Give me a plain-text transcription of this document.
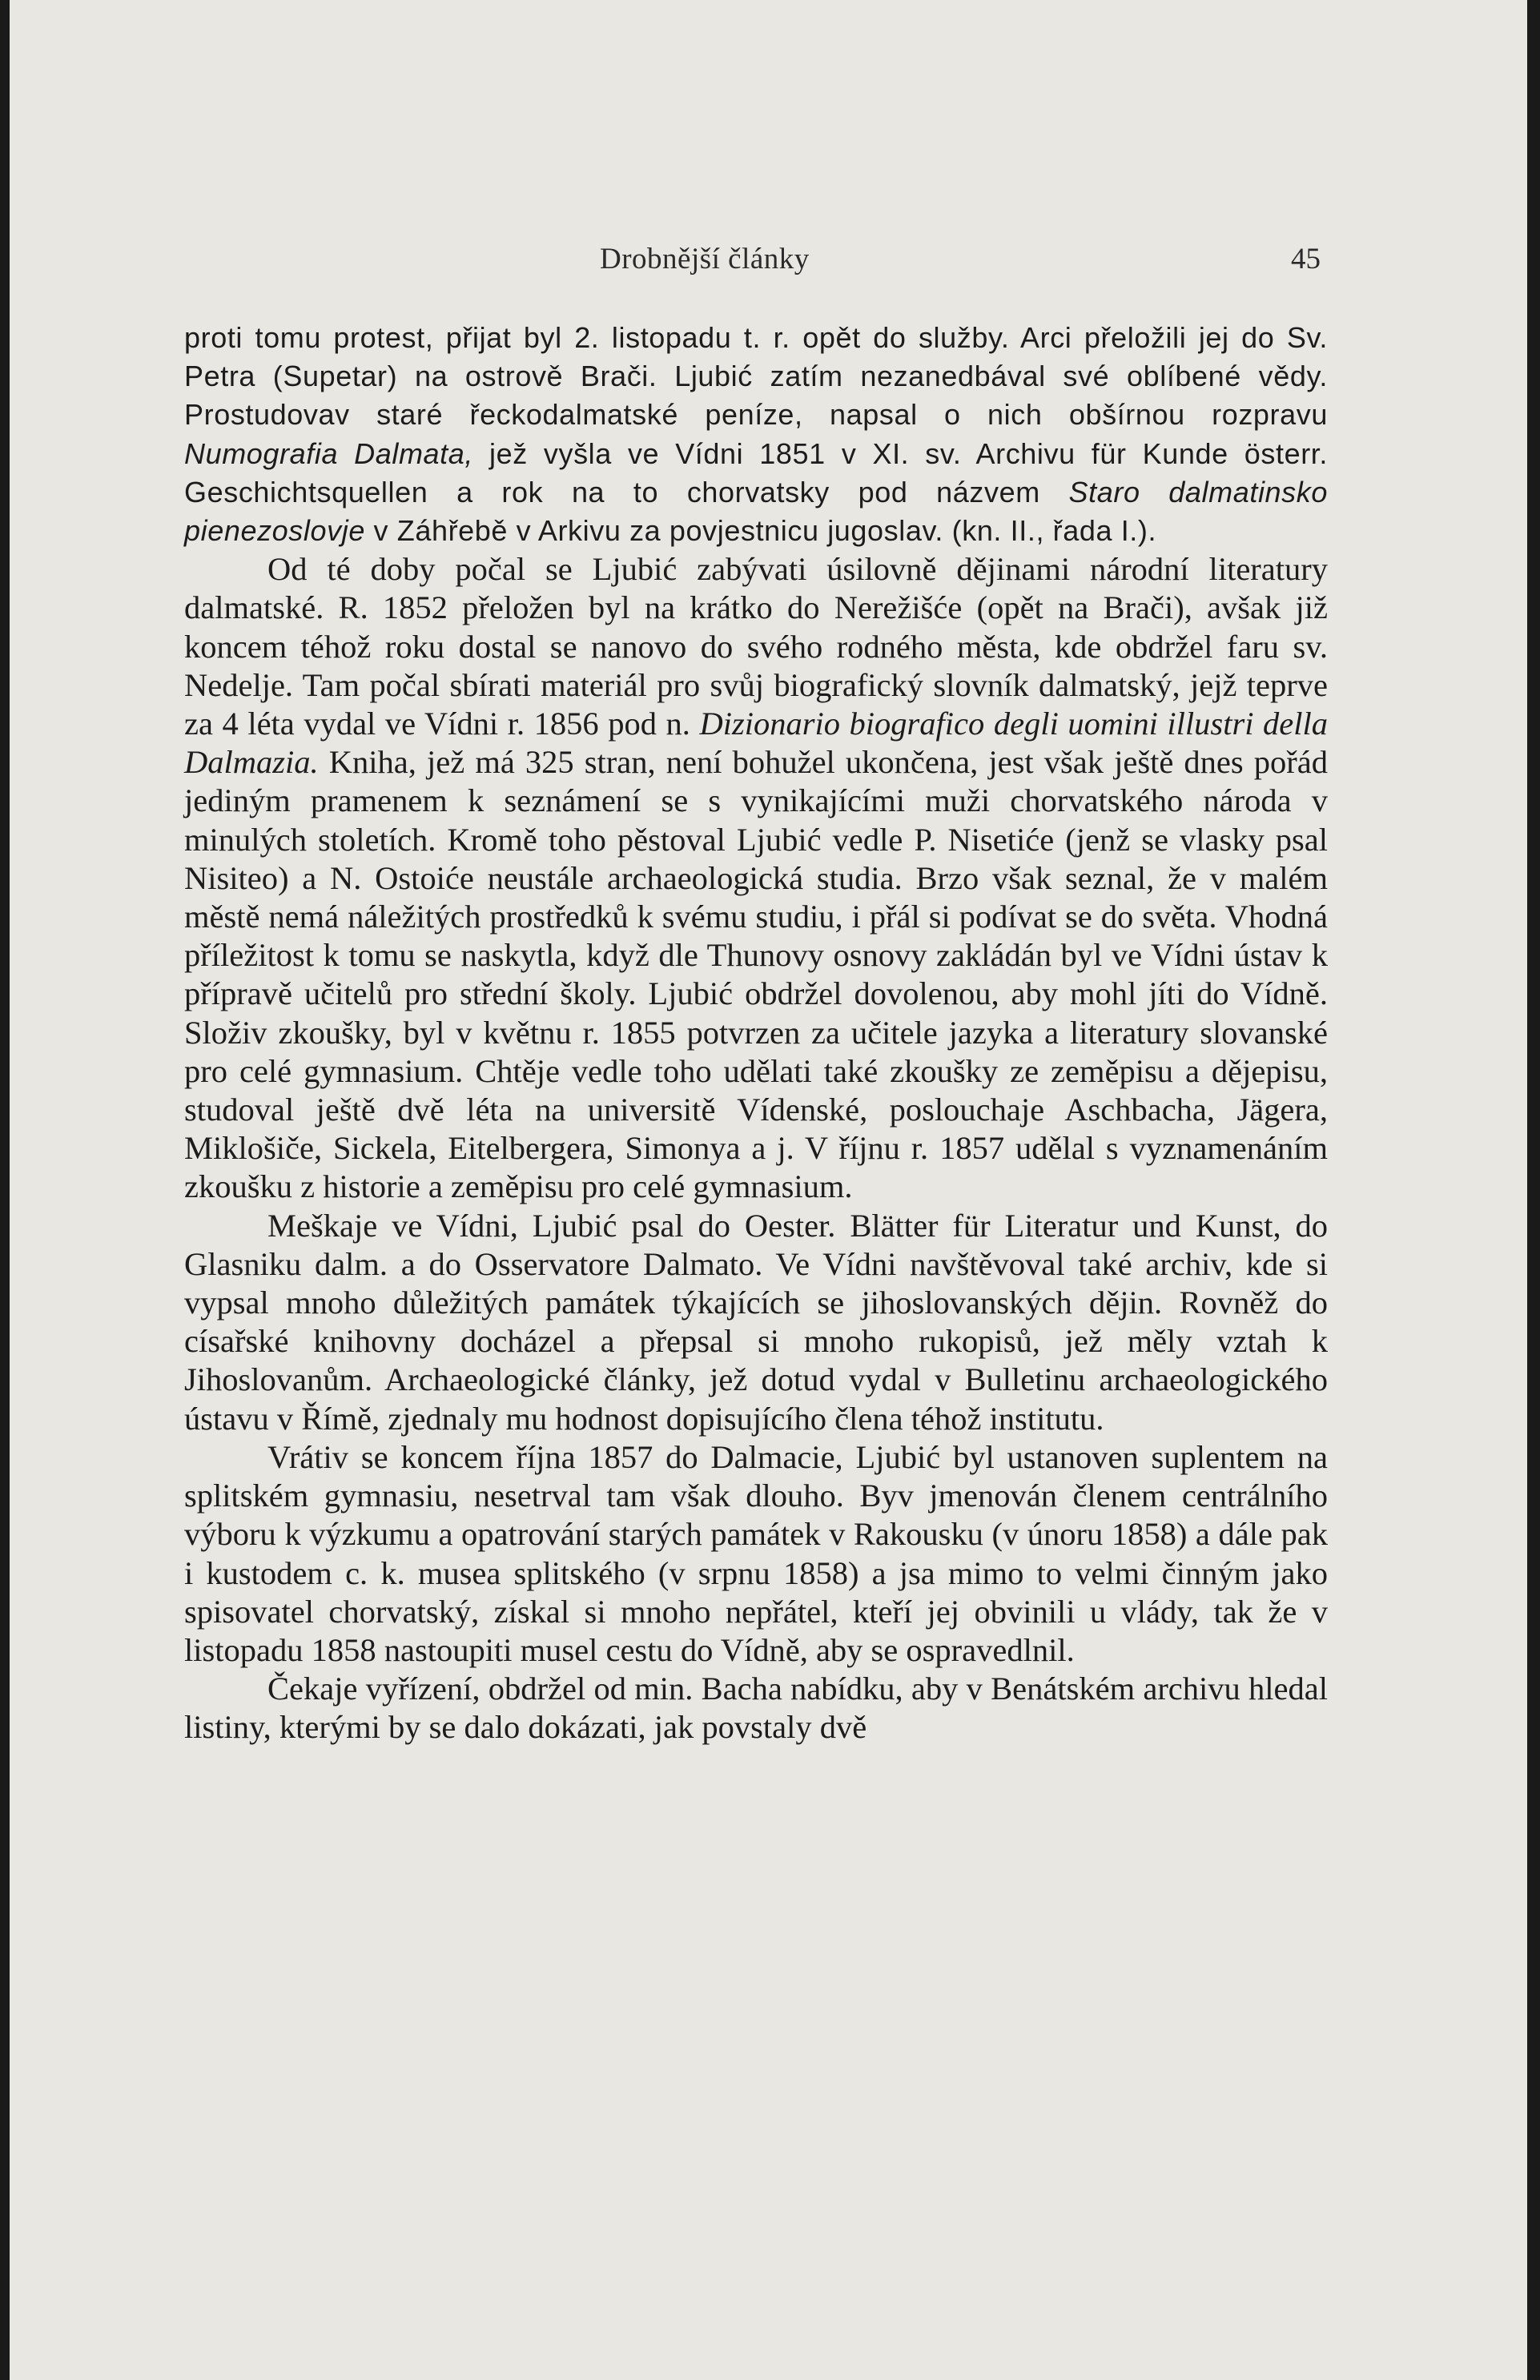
Drobnější články	45

proti tomu protest, přijat byl 2. listopadu t. r. opět do služby. Arci přeložili jej do Sv. Petra (Supetar) na ostrově Brači. Ljubić zatím nezanedbával své oblíbené vědy. Prostudovav staré řeckodalmatské peníze, napsal o nich obšírnou rozpravu Numografia Dalmata, jež vyšla ve Vídni 1851 v XI. sv. Archivu für Kunde österr. Geschichtsquellen a rok na to chorvatsky pod názvem Staro dalmatinsko pienezoslovje v Záhřebě v Arkivu za povjestnicu jugoslav. (kn. II., řada I.).

Od té doby počal se Ljubić zabývati úsilovně dějinami národní literatury dalmatské. R. 1852 přeložen byl na krátko do Nerežišće (opět na Brači), avšak již koncem téhož roku dostal se nanovo do svého rodného města, kde obdržel faru sv. Nedelje. Tam počal sbírati materiál pro svůj biografický slovník dalmatský, jejž teprve za 4 léta vydal ve Vídni r. 1856 pod n. Dizionario biografico degli uomini illustri della Dalmazia. Kniha, jež má 325 stran, není bohužel ukončena, jest však ještě dnes pořád jediným pramenem k seznámení se s vynikajícími muži chorvatského národa v minulých stoletích. Kromě toho pěstoval Ljubić vedle P. Nisetiće (jenž se vlasky psal Nisiteo) a N. Ostoiće neustále archaeologická studia. Brzo však seznal, že v malém městě nemá náležitých prostředků k svému studiu, i přál si podívat se do světa. Vhodná příležitost k tomu se naskytla, když dle Thunovy osnovy zakládán byl ve Vídni ústav k přípravě učitelů pro střední školy. Ljubić obdržel dovolenou, aby mohl jíti do Vídně. Složiv zkoušky, byl v květnu r. 1855 potvrzen za učitele jazyka a literatury slovanské pro celé gymnasium. Chtěje vedle toho udělati také zkoušky ze zeměpisu a dějepisu, studoval ještě dvě léta na universitě Vídenské, poslouchaje Aschbacha, Jägera, Miklošiče, Sickela, Eitelbergera, Simonya a j. V říjnu r. 1857 udělal s vyznamenáním zkoušku z historie a zeměpisu pro celé gymnasium.

Meškaje ve Vídni, Ljubić psal do Oester. Blätter für Literatur und Kunst, do Glasniku dalm. a do Osservatore Dalmato. Ve Vídni navštěvoval také archiv, kde si vypsal mnoho důležitých památek týkajících se jihoslovanských dějin. Rovněž do císařské knihovny docházel a přepsal si mnoho rukopisů, jež měly vztah k Jihoslovanům. Archaeologické články, jež dotud vydal v Bulletinu archaeologického ústavu v Římě, zjednaly mu hodnost dopisujícího člena téhož institutu.

Vrátiv se koncem října 1857 do Dalmacie, Ljubić byl ustanoven suplentem na splitském gymnasiu, nesetrval tam však dlouho. Byv jmenován členem centrálního výboru k výzkumu a opatrování starých památek v Rakousku (v únoru 1858) a dále pak i kustodem c. k. musea splitského (v srpnu 1858) a jsa mimo to velmi činným jako spisovatel chorvatský, získal si mnoho nepřátel, kteří jej obvinili u vlády, tak že v listopadu 1858 nastoupiti musel cestu do Vídně, aby se ospravedlnil.

Čekaje vyřízení, obdržel od min. Bacha nabídku, aby v Benátském archivu hledal listiny, kterými by se dalo dokázati, jak povstaly dvě
